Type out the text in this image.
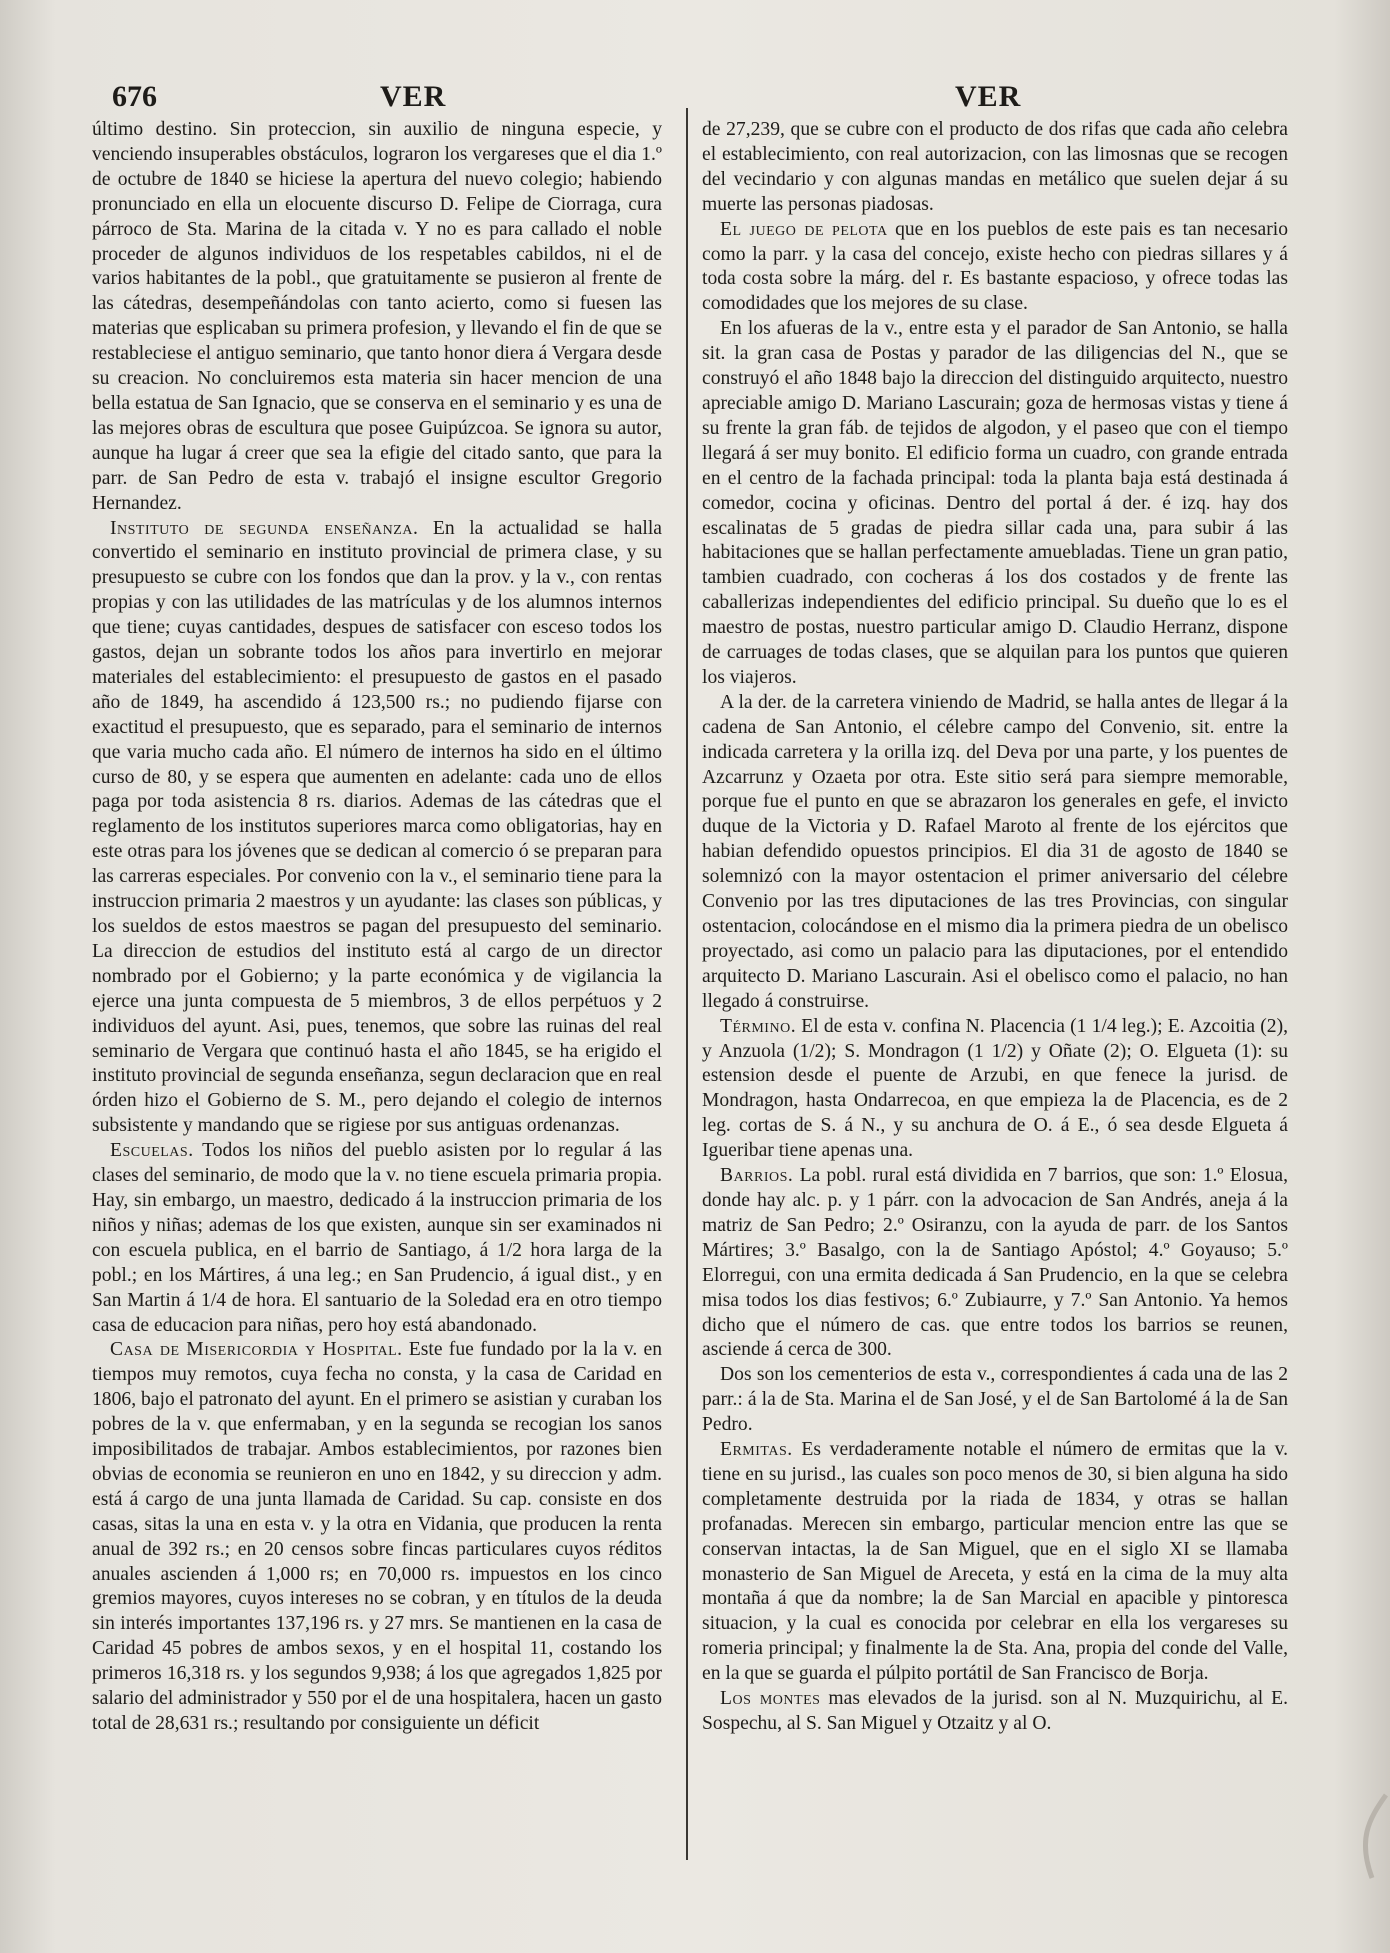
676	VER	VER

último destino. Sin proteccion, sin auxilio de ninguna especie, y venciendo insuperables obstáculos, lograron los vergareses que el dia 1.º de octubre de 1840 se hiciese la apertura del nuevo colegio; habiendo pronunciado en ella un elocuente discurso D. Felipe de Ciorraga, cura párroco de Sta. Marina de la citada v. Y no es para callado el noble proceder de algunos individuos de los respetables cabildos, ni el de varios habitantes de la pobl., que gratuitamente se pusieron al frente de las cátedras, desempeñándolas con tanto acierto, como si fuesen las materias que esplicaban su primera profesion, y llevando el fin de que se restableciese el antiguo seminario, que tanto honor diera á Vergara desde su creacion. No concluiremos esta materia sin hacer mencion de una bella estatua de San Ignacio, que se conserva en el seminario y es una de las mejores obras de escultura que posee Guipúzcoa. Se ignora su autor, aunque ha lugar á creer que sea la efigie del citado santo, que para la parr. de San Pedro de esta v. trabajó el insigne escultor Gregorio Hernandez.

Instituto de segunda enseñanza. En la actualidad se halla convertido el seminario en instituto provincial de primera clase, y su presupuesto se cubre con los fondos que dan la prov. y la v., con rentas propias y con las utilidades de las matrículas y de los alumnos internos que tiene; cuyas cantidades, despues de satisfacer con esceso todos los gastos, dejan un sobrante todos los años para invertirlo en mejorar materiales del establecimiento: el presupuesto de gastos en el pasado año de 1849, ha ascendido á 123,500 rs.; no pudiendo fijarse con exactitud el presupuesto, que es separado, para el seminario de internos que varia mucho cada año. El número de internos ha sido en el último curso de 80, y se espera que aumenten en adelante: cada uno de ellos paga por toda asistencia 8 rs. diarios. Ademas de las cátedras que el reglamento de los institutos superiores marca como obligatorias, hay en este otras para los jóvenes que se dedican al comercio ó se preparan para las carreras especiales. Por convenio con la v., el seminario tiene para la instruccion primaria 2 maestros y un ayudante: las clases son públicas, y los sueldos de estos maestros se pagan del presupuesto del seminario. La direccion de estudios del instituto está al cargo de un director nombrado por el Gobierno; y la parte económica y de vigilancia la ejerce una junta compuesta de 5 miembros, 3 de ellos perpétuos y 2 individuos del ayunt. Asi, pues, tenemos, que sobre las ruinas del real seminario de Vergara que continuó hasta el año 1845, se ha erigido el instituto provincial de segunda enseñanza, segun declaracion que en real órden hizo el Gobierno de S. M., pero dejando el colegio de internos subsistente y mandando que se rigiese por sus antiguas ordenanzas.

Escuelas. Todos los niños del pueblo asisten por lo regular á las clases del seminario, de modo que la v. no tiene escuela primaria propia. Hay, sin embargo, un maestro, dedicado á la instruccion primaria de los niños y niñas; ademas de los que existen, aunque sin ser examinados ni con escuela publica, en el barrio de Santiago, á 1/2 hora larga de la pobl.; en los Mártires, á una leg.; en San Prudencio, á igual dist., y en San Martin á 1/4 de hora. El santuario de la Soledad era en otro tiempo casa de educacion para niñas, pero hoy está abandonado.

Casa de Misericordia y Hospital. Este fue fundado por la la v. en tiempos muy remotos, cuya fecha no consta, y la casa de Caridad en 1806, bajo el patronato del ayunt. En el primero se asistian y curaban los pobres de la v. que enfermaban, y en la segunda se recogian los sanos imposibilitados de trabajar. Ambos establecimientos, por razones bien obvias de economia se reunieron en uno en 1842, y su direccion y adm. está á cargo de una junta llamada de Caridad. Su cap. consiste en dos casas, sitas la una en esta v. y la otra en Vidania, que producen la renta anual de 392 rs.; en 20 censos sobre fincas particulares cuyos réditos anuales ascienden á 1,000 rs; en 70,000 rs. impuestos en los cinco gremios mayores, cuyos intereses no se cobran, y en títulos de la deuda sin interés importantes 137,196 rs. y 27 mrs. Se mantienen en la casa de Caridad 45 pobres de ambos sexos, y en el hospital 11, costando los primeros 16,318 rs. y los segundos 9,938; á los que agregados 1,825 por salario del administrador y 550 por el de una hospitalera, hacen un gasto total de 28,631 rs.; resultando por consiguiente un déficit

de 27,239, que se cubre con el producto de dos rifas que cada año celebra el establecimiento, con real autorizacion, con las limosnas que se recogen del vecindario y con algunas mandas en metálico que suelen dejar á su muerte las personas piadosas.

El juego de pelota que en los pueblos de este pais es tan necesario como la parr. y la casa del concejo, existe hecho con piedras sillares y á toda costa sobre la márg. del r. Es bastante espacioso, y ofrece todas las comodidades que los mejores de su clase.

En los afueras de la v., entre esta y el parador de San Antonio, se halla sit. la gran casa de Postas y parador de las diligencias del N., que se construyó el año 1848 bajo la direccion del distinguido arquitecto, nuestro apreciable amigo D. Mariano Lascurain; goza de hermosas vistas y tiene á su frente la gran fáb. de tejidos de algodon, y el paseo que con el tiempo llegará á ser muy bonito. El edificio forma un cuadro, con grande entrada en el centro de la fachada principal: toda la planta baja está destinada á comedor, cocina y oficinas. Dentro del portal á der. é izq. hay dos escalinatas de 5 gradas de piedra sillar cada una, para subir á las habitaciones que se hallan perfectamente amuebladas. Tiene un gran patio, tambien cuadrado, con cocheras á los dos costados y de frente las caballerizas independientes del edificio principal. Su dueño que lo es el maestro de postas, nuestro particular amigo D. Claudio Herranz, dispone de carruages de todas clases, que se alquilan para los puntos que quieren los viajeros.

A la der. de la carretera viniendo de Madrid, se halla antes de llegar á la cadena de San Antonio, el célebre campo del Convenio, sit. entre la indicada carretera y la orilla izq. del Deva por una parte, y los puentes de Azcarrunz y Ozaeta por otra. Este sitio será para siempre memorable, porque fue el punto en que se abrazaron los generales en gefe, el invicto duque de la Victoria y D. Rafael Maroto al frente de los ejércitos que habian defendido opuestos principios. El dia 31 de agosto de 1840 se solemnizó con la mayor ostentacion el primer aniversario del célebre Convenio por las tres diputaciones de las tres Provincias, con singular ostentacion, colocándose en el mismo dia la primera piedra de un obelisco proyectado, asi como un palacio para las diputaciones, por el entendido arquitecto D. Mariano Lascurain. Asi el obelisco como el palacio, no han llegado á construirse.

Término. El de esta v. confina N. Placencia (1 1/4 leg.); E. Azcoitia (2), y Anzuola (1/2); S. Mondragon (1 1/2) y Oñate (2); O. Elgueta (1): su estension desde el puente de Arzubi, en que fenece la jurisd. de Mondragon, hasta Ondarrecoa, en que empieza la de Placencia, es de 2 leg. cortas de S. á N., y su anchura de O. á E., ó sea desde Elgueta á Igueribar tiene apenas una.

Barrios. La pobl. rural está dividida en 7 barrios, que son: 1.º Elosua, donde hay alc. p. y 1 párr. con la advocacion de San Andrés, aneja á la matriz de San Pedro; 2.º Osiranzu, con la ayuda de parr. de los Santos Mártires; 3.º Basalgo, con la de Santiago Apóstol; 4.º Goyauso; 5.º Elorregui, con una ermita dedicada á San Prudencio, en la que se celebra misa todos los dias festivos; 6.º Zubiaurre, y 7.º San Antonio. Ya hemos dicho que el número de cas. que entre todos los barrios se reunen, asciende á cerca de 300.

Dos son los cementerios de esta v., correspondientes á cada una de las 2 parr.: á la de Sta. Marina el de San José, y el de San Bartolomé á la de San Pedro.

Ermitas. Es verdaderamente notable el número de ermitas que la v. tiene en su jurisd., las cuales son poco menos de 30, si bien alguna ha sido completamente destruida por la riada de 1834, y otras se hallan profanadas. Merecen sin embargo, particular mencion entre las que se conservan intactas, la de San Miguel, que en el siglo XI se llamaba monasterio de San Miguel de Areceta, y está en la cima de la muy alta montaña á que da nombre; la de San Marcial en apacible y pintoresca situacion, y la cual es conocida por celebrar en ella los vergareses su romeria principal; y finalmente la de Sta. Ana, propia del conde del Valle, en la que se guarda el púlpito portátil de San Francisco de Borja.

Los montes mas elevados de la jurisd. son al N. Muzquirichu, al E. Sospechu, al S. San Miguel y Otzaitz y al O.
